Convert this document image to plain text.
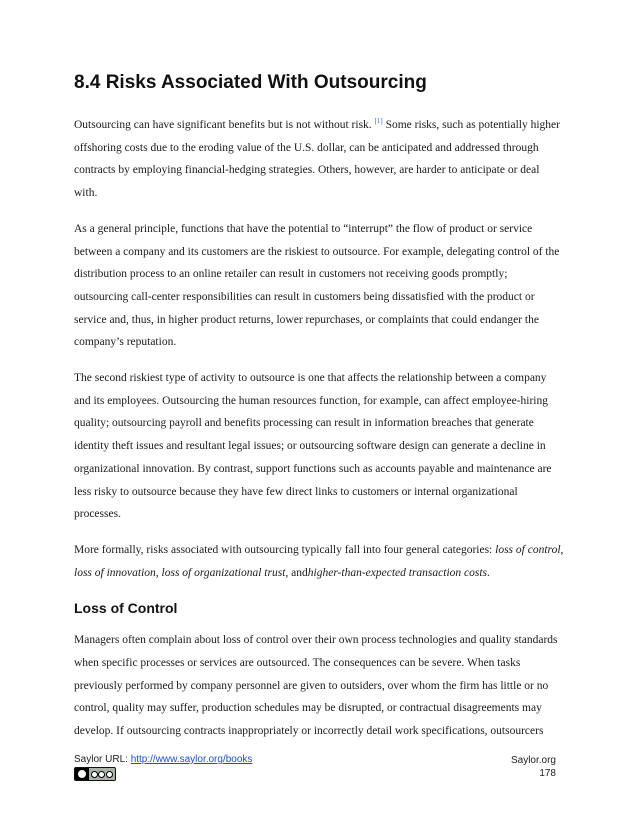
8.4 Risks Associated With Outsourcing

Outsourcing can have significant benefits but is not without risk. [1] Some risks, such as potentially higher offshoring costs due to the eroding value of the U.S. dollar, can be anticipated and addressed through contracts by employing financial-hedging strategies. Others, however, are harder to anticipate or deal with.

As a general principle, functions that have the potential to “interrupt” the flow of product or service between a company and its customers are the riskiest to outsource. For example, delegating control of the distribution process to an online retailer can result in customers not receiving goods promptly; outsourcing call-center responsibilities can result in customers being dissatisfied with the product or service and, thus, in higher product returns, lower repurchases, or complaints that could endanger the company’s reputation.

The second riskiest type of activity to outsource is one that affects the relationship between a company and its employees. Outsourcing the human resources function, for example, can affect employee-hiring quality; outsourcing payroll and benefits processing can result in information breaches that generate identity theft issues and resultant legal issues; or outsourcing software design can generate a decline in organizational innovation. By contrast, support functions such as accounts payable and maintenance are less risky to outsource because they have few direct links to customers or internal organizational processes.

More formally, risks associated with outsourcing typically fall into four general categories: loss of control, loss of innovation, loss of organizational trust, andhigher-than-expected transaction costs.

Loss of Control

Managers often complain about loss of control over their own process technologies and quality standards when specific processes or services are outsourced. The consequences can be severe. When tasks previously performed by company personnel are given to outsiders, over whom the firm has little or no control, quality may suffer, production schedules may be disrupted, or contractual disagreements may develop. If outsourcing contracts inappropriately or incorrectly detail work specifications, outsourcers

Saylor URL: http://www.saylor.org/books	Saylor.org
178
